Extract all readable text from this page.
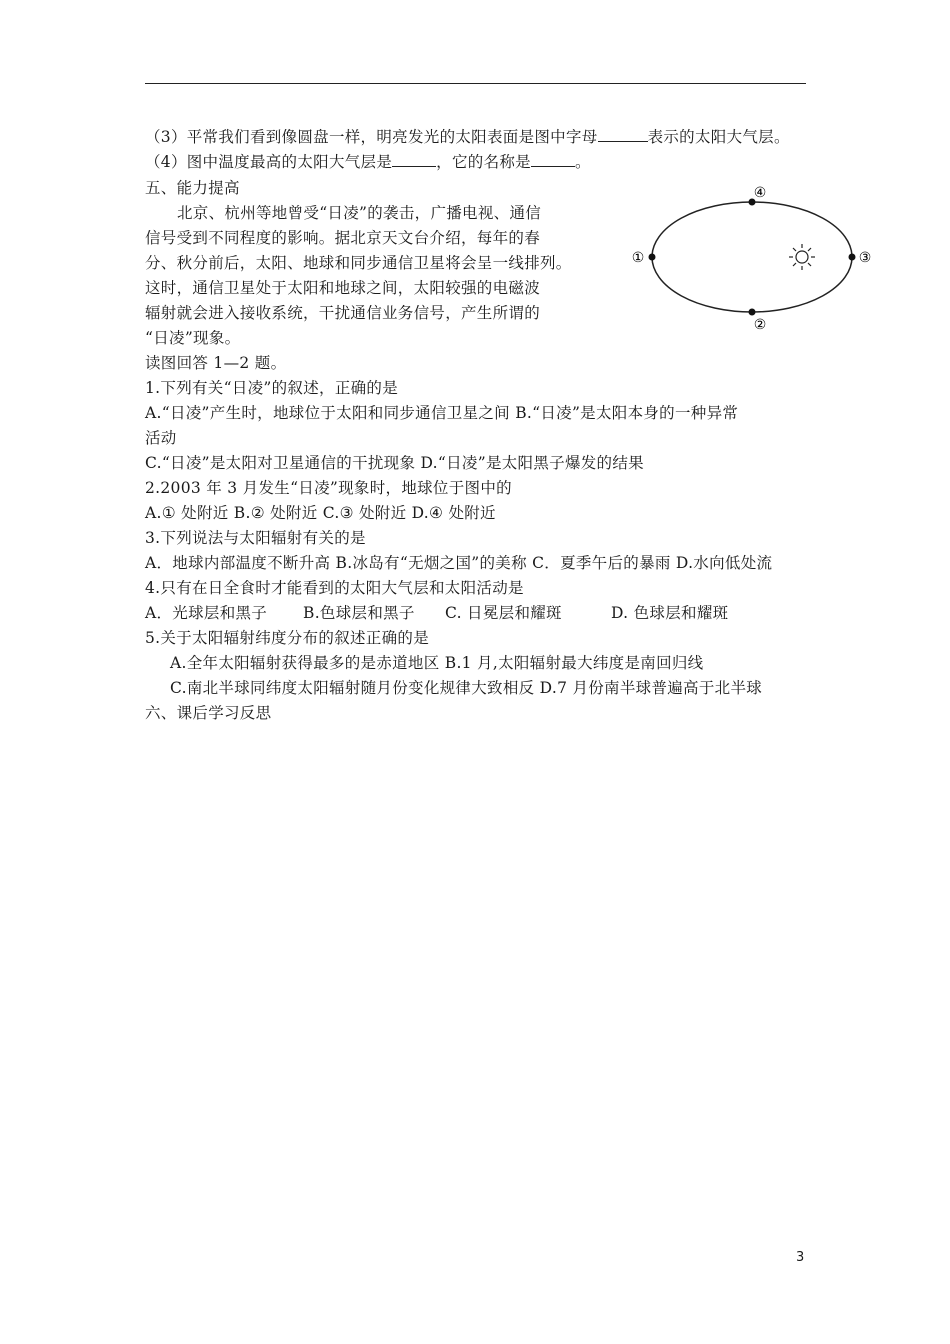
（3）平常我们看到像圆盘一样，明亮发光的太阳表面是图中字母	表示的太阳大气层。
（4）图中温度最高的太阳大气层是	，它的名称是	。
五、能力提高
北京、杭州等地曾受“日凌”的袭击，广播电视、通信
信号受到不同程度的影响。据北京天文台介绍，每年的春
分、秋分前后，太阳、地球和同步通信卫星将会呈一线排列。
这时，通信卫星处于太阳和地球之间，太阳较强的电磁波
辐射就会进入接收系统，干扰通信业务信号，产生所谓的
“日凌”现象。
①
②
③
④
读图回答 1—2 题。
1.下列有关“日凌”的叙述，正确的是
A.“日凌”产生时，地球位于太阳和同步通信卫星之间 B.“日凌”是太阳本身的一种异常
活动
C.“日凌”是太阳对卫星通信的干扰现象 D.“日凌”是太阳黑子爆发的结果
2.2003 年 3 月发生“日凌”现象时，地球位于图中的
A.① 处附近 B.② 处附近 C.③ 处附近 D.④ 处附近
3.下列说法与太阳辐射有关的是
A．地球内部温度不断升高 B.冰岛有“无烟之国”的美称 C．夏季午后的暴雨 D.水向低处流
4.只有在日全食时才能看到的太阳大气层和太阳活动是
A．光球层和黑子 B.色球层和黑子 C. 日冕层和耀斑	D. 色球层和耀斑
5.关于太阳辐射纬度分布的叙述正确的是
A.全年太阳辐射获得最多的是赤道地区 B.1 月,太阳辐射最大纬度是南回归线
C.南北半球同纬度太阳辐射随月份变化规律大致相反 D.7 月份南半球普遍高于北半球
六、课后学习反思
3
